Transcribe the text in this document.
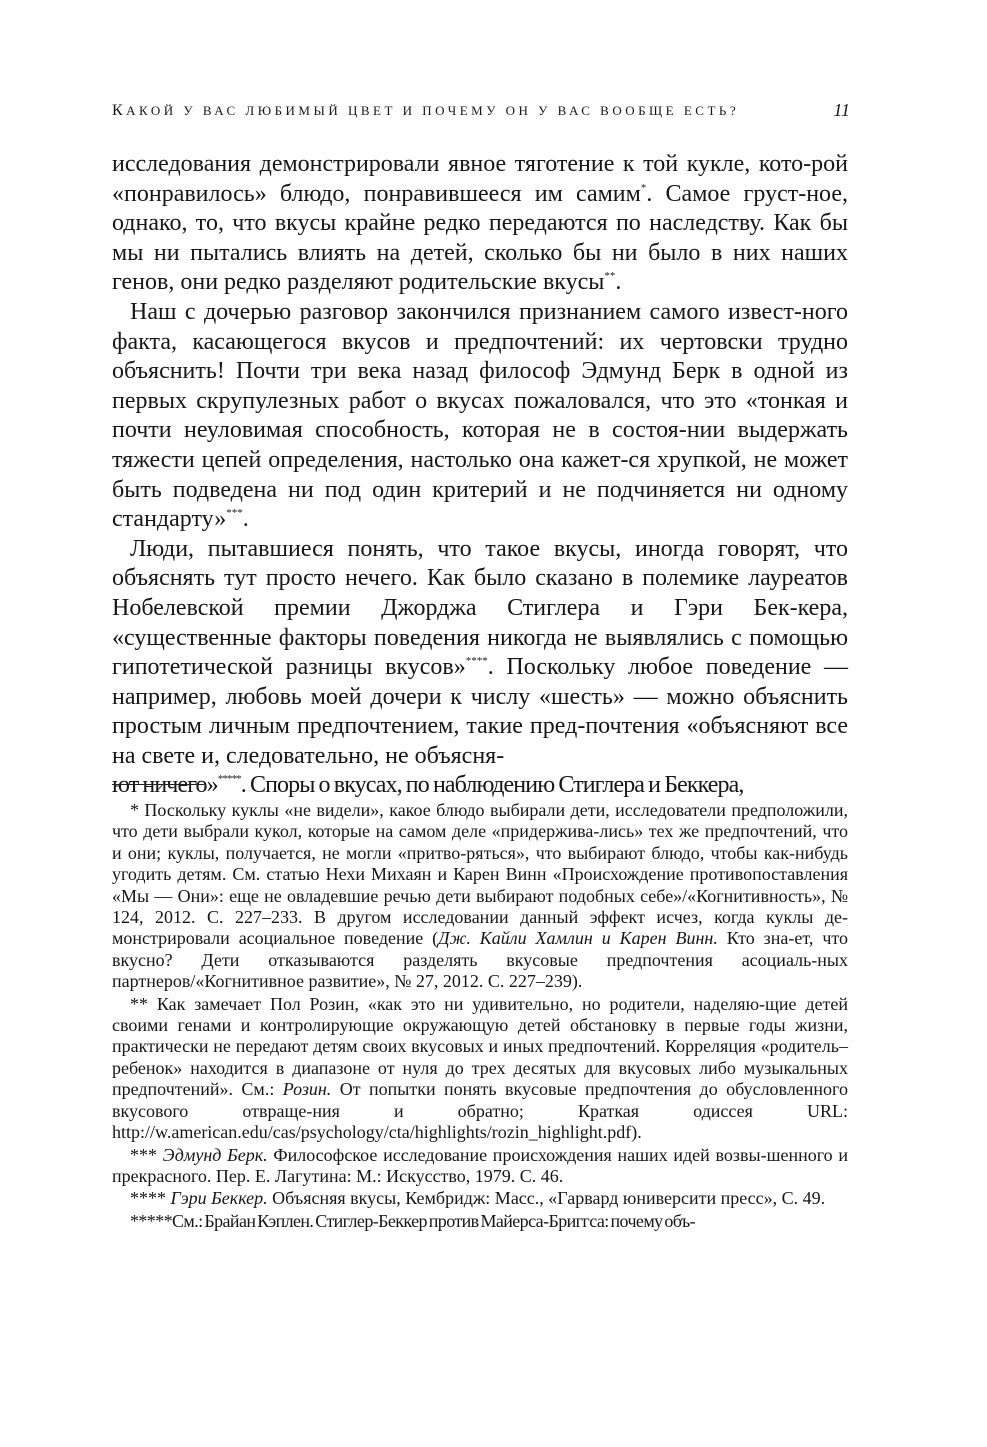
КАКОЙ У ВАС ЛЮБИМЫЙ ЦВЕТ И ПОЧЕМУ ОН У ВАС ВООБЩЕ ЕСТЬ?	11

исследования демонстрировали явное тяготение к той кукле, кото-рой «понравилось» блюдо, понравившееся им самим*. Самое груст-ное, однако, то, что вкусы крайне редко передаются по наследству. Как бы мы ни пытались влиять на детей, сколько бы ни было в них наших генов, они редко разделяют родительские вкусы**.

Наш с дочерью разговор закончился признанием самого извест-ного факта, касающегося вкусов и предпочтений: их чертовски трудно объяснить! Почти три века назад философ Эдмунд Берк в одной из первых скрупулезных работ о вкусах пожаловался, что это «тонкая и почти неуловимая способность, которая не в состоя-нии выдержать тяжести цепей определения, настолько она кажет-ся хрупкой, не может быть подведена ни под один критерий и не подчиняется ни одному стандарту»***.

Люди, пытавшиеся понять, что такое вкусы, иногда говорят, что объяснять тут просто нечего. Как было сказано в полемике лауреатов Нобелевской премии Джорджа Стиглера и Гэри Бек-кера, «существенные факторы поведения никогда не выявлялись с помощью гипотетической разницы вкусов»****. Поскольку любое поведение — например, любовь моей дочери к числу «шесть» — можно объяснить простым личным предпочтением, такие пред-почтения «объясняют все на свете и, следовательно, не объясня-

ют ничего»*****. Споры о вкусах, по наблюдению Стиглера и Беккера,

* Поскольку куклы «не видели», какое блюдо выбирали дети, исследователи предположили, что дети выбрали кукол, которые на самом деле «придержива-лись» тех же предпочтений, что и они; куклы, получается, не могли «притво-ряться», что выбирают блюдо, чтобы как-нибудь угодить детям. См. статью Нехи Михаян и Карен Винн «Происхождение противопоставления «Мы — Они»: еще не овладевшие речью дети выбирают подобных себе»/«Когнитивность», № 124, 2012. С. 227–233. В другом исследовании данный эффект исчез, когда куклы де-монстрировали асоциальное поведение (Дж. Кайли Хамлин и Карен Винн. Кто зна-ет, что вкусно? Дети отказываются разделять вкусовые предпочтения асоциаль-ных партнеров/«Когнитивное развитие», № 27, 2012. С. 227–239).

** Как замечает Пол Розин, «как это ни удивительно, но родители, наделяю-щие детей своими генами и контролирующие окружающую детей обстановку в первые годы жизни, практически не передают детям своих вкусовых и иных предпочтений. Корреляция «родитель–ребенок» находится в диапазоне от нуля до трех десятых для вкусовых либо музыкальных предпочтений». См.: Розин. От попытки понять вкусовые предпочтения до обусловленного вкусового отвраще-ния и обратно; Краткая одиссея URL: http://w.american.edu/cas/psychology/cta/highlights/rozin_highlight.pdf).

*** Эдмунд Берк. Философское исследование происхождения наших идей возвы-шенного и прекрасного. Пер. Е. Лагутина: М.: Искусство, 1979. С. 46.

**** Гэри Беккер. Объясняя вкусы, Кембридж: Масс., «Гарвард юниверсити пресс», С. 49.

*****См.: Брайан Кэплен. Стиглер-Беккер против Майерса-Бриггса: почему объ-
